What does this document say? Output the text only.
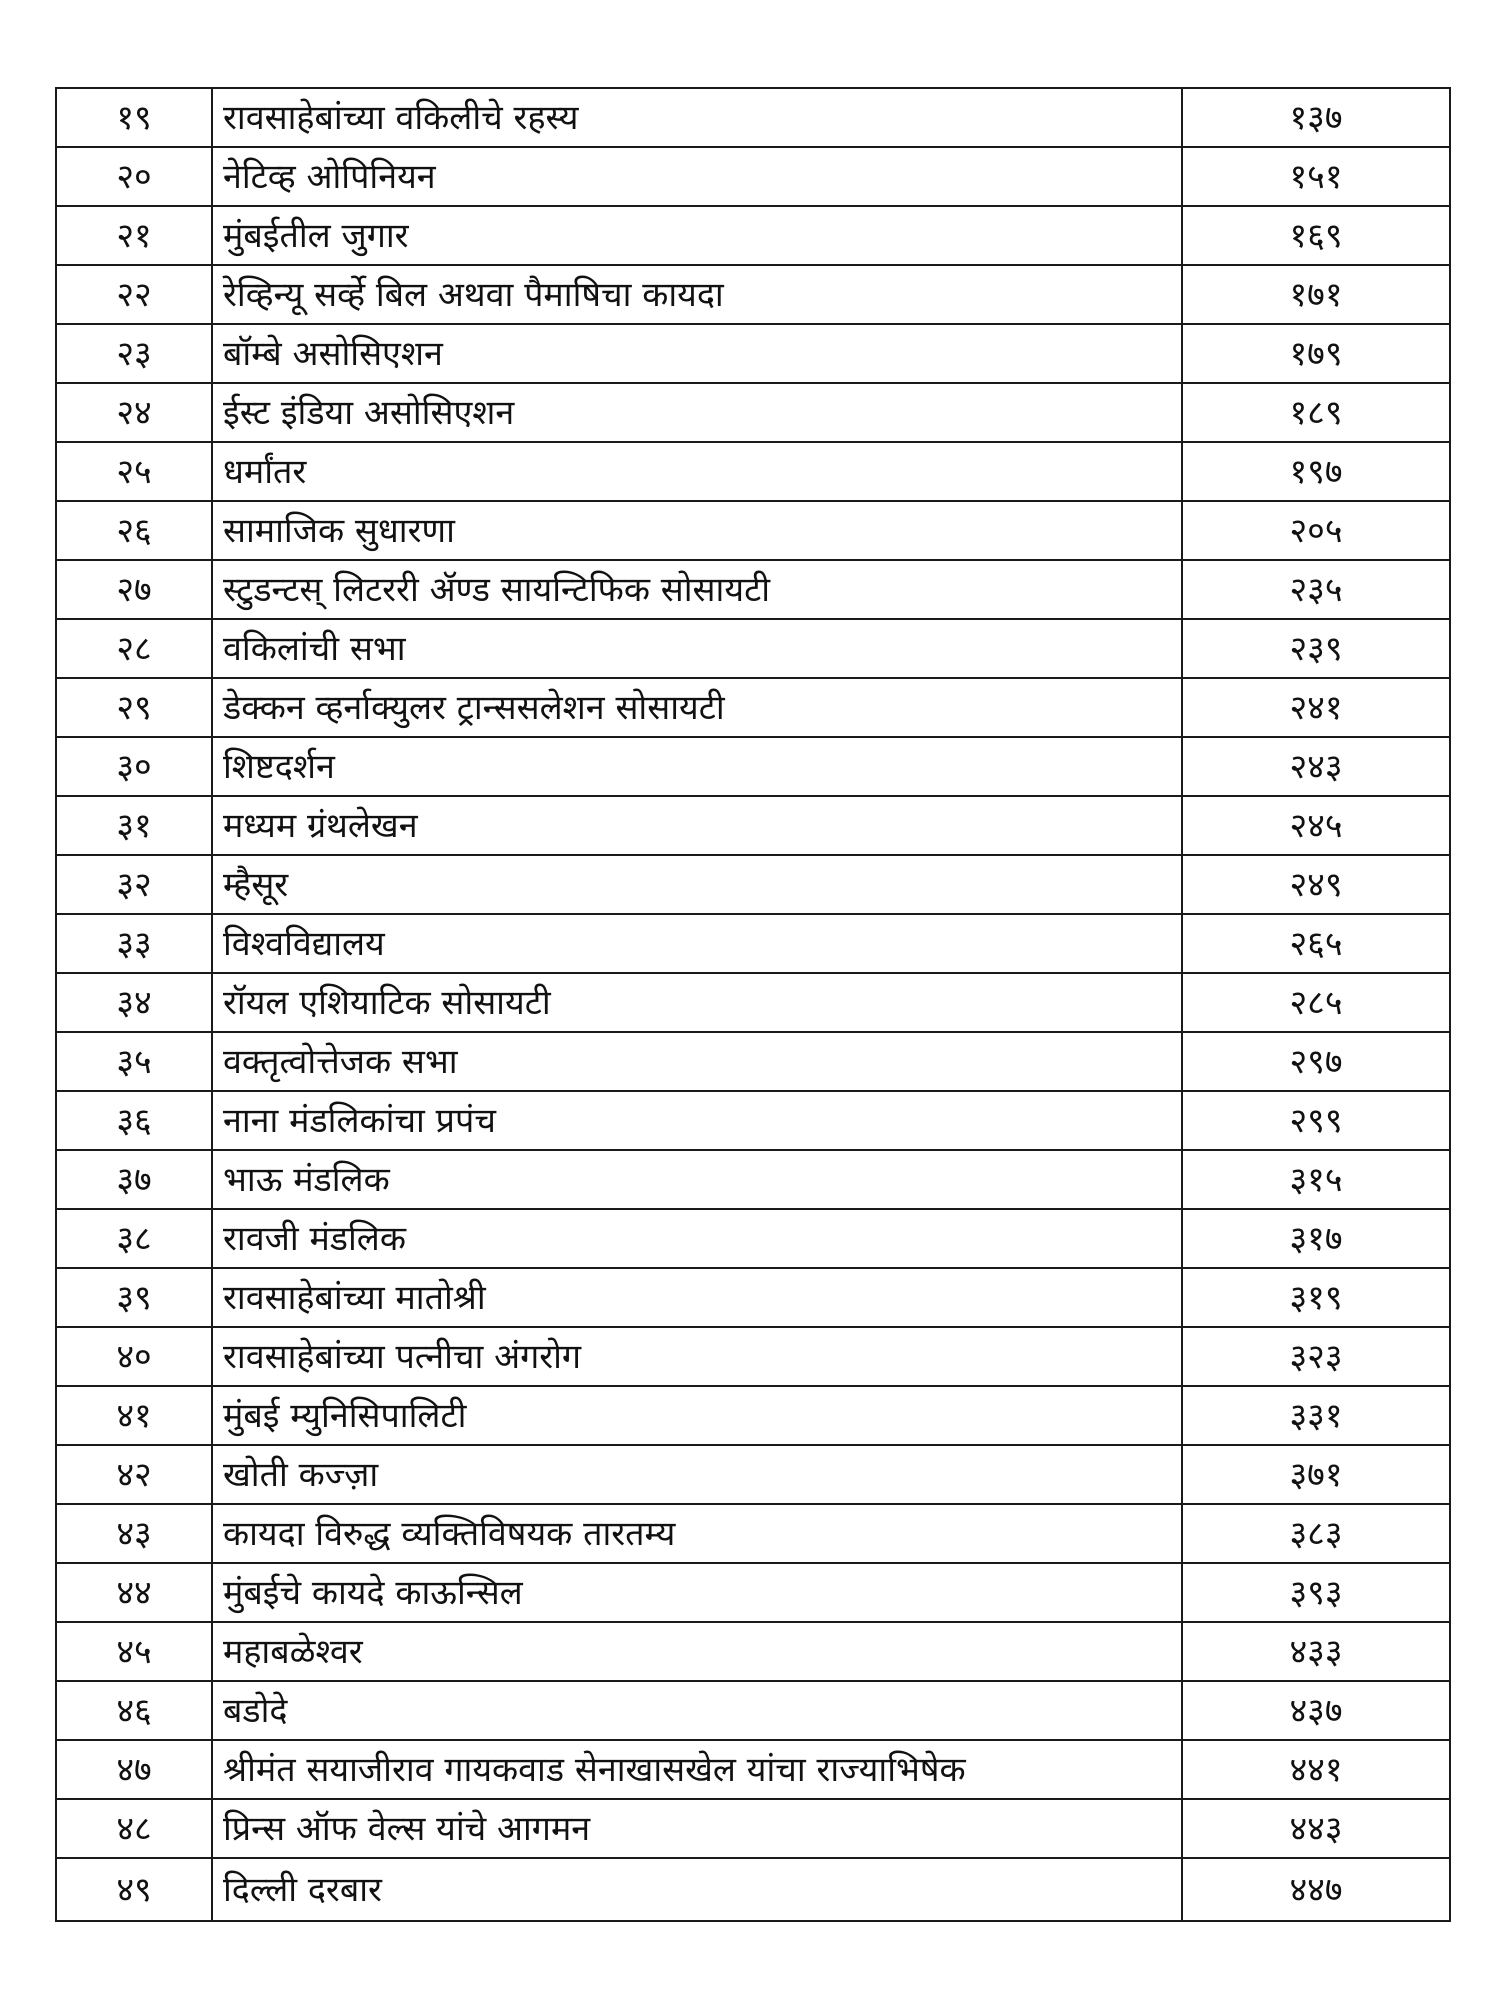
१९	रावसाहेबांच्या वकिलीचे रहस्य	१३७
२०	नेटिव्ह ओपिनियन	१५१
२१	मुंबईतील जुगार	१६९
२२	रेव्हिन्यू सर्व्हे बिल अथवा पैमाषिचा कायदा	१७१
२३	बॉम्बे असोसिएशन	१७९
२४	ईस्ट इंडिया असोसिएशन	१८९
२५	धर्मांतर	१९७
२६	सामाजिक सुधारणा	२०५
२७	स्टुडन्टस् लिटररी ॲण्ड सायन्टिफिक सोसायटी	२३५
२८	वकिलांची सभा	२३९
२९	डेक्कन व्हर्नाक्युलर ट्रान्ससलेशन सोसायटी	२४१
३०	शिष्टदर्शन	२४३
३१	मध्यम ग्रंथलेखन	२४५
३२	म्हैसूर	२४९
३३	विश्वविद्यालय	२६५
३४	रॉयल एशियाटिक सोसायटी	२८५
३५	वक्तृत्वोत्तेजक सभा	२९७
३६	नाना मंडलिकांचा प्रपंच	२९९
३७	भाऊ मंडलिक	३१५
३८	रावजी मंडलिक	३१७
३९	रावसाहेबांच्या मातोश्री	३१९
४०	रावसाहेबांच्या पत्नीचा अंगरोग	३२३
४१	मुंबई म्युनिसिपालिटी	३३१
४२	खोती कज्ज़ा	३७१
४३	कायदा विरुद्ध व्यक्तिविषयक तारतम्य	३८३
४४	मुंबईचे कायदे काऊन्सिल	३९३
४५	महाबळेश्वर	४३३
४६	बडोदे	४३७
४७	श्रीमंत सयाजीराव गायकवाड सेनाखासखेल यांचा राज्याभिषेक	४४१
४८	प्रिन्स ऑफ वेल्स यांचे आगमन	४४३
४९	दिल्ली दरबार	४४७
